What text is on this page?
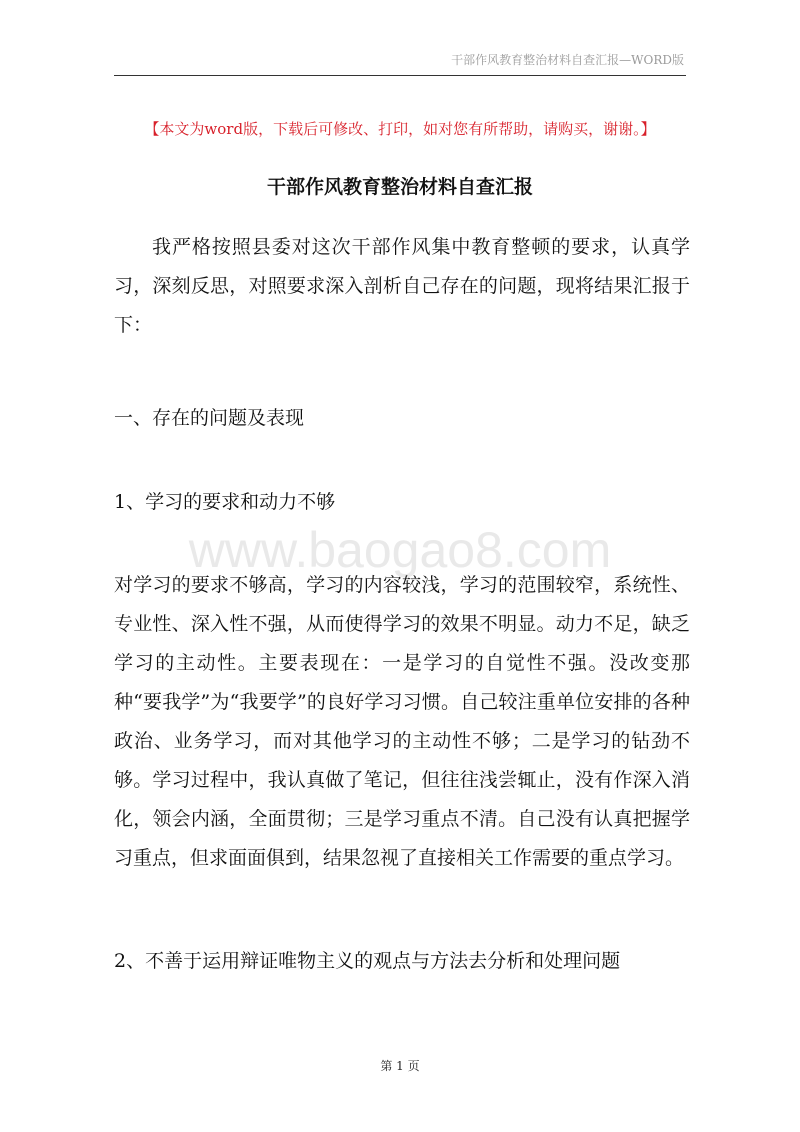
干部作风教育整治材料自查汇报—WORD版
【本文为word版，下载后可修改、打印，如对您有所帮助，请购买，谢谢。】
干部作风教育整治材料自查汇报

我严格按照县委对这次干部作风集中教育整顿的要求，认真学习，深刻反思，对照要求深入剖析自己存在的问题，现将结果汇报于下：

一、存在的问题及表现
1、学习的要求和动力不够
www.baogao8.com

对学习的要求不够高，学习的内容较浅，学习的范围较窄，系统性、专业性、深入性不强，从而使得学习的效果不明显。动力不足，缺乏学习的主动性。主要表现在：一是学习的自觉性不强。没改变那种“要我学”为“我要学”的良好学习习惯。自己较注重单位安排的各种政治、业务学习，而对其他学习的主动性不够；二是学习的钻劲不够。学习过程中，我认真做了笔记，但往往浅尝辄止，没有作深入消化，领会内涵，全面贯彻；三是学习重点不清。自己没有认真把握学习重点，但求面面俱到，结果忽视了直接相关工作需要的重点学习。

2、不善于运用辩证唯物主义的观点与方法去分析和处理问题
第 1 页
